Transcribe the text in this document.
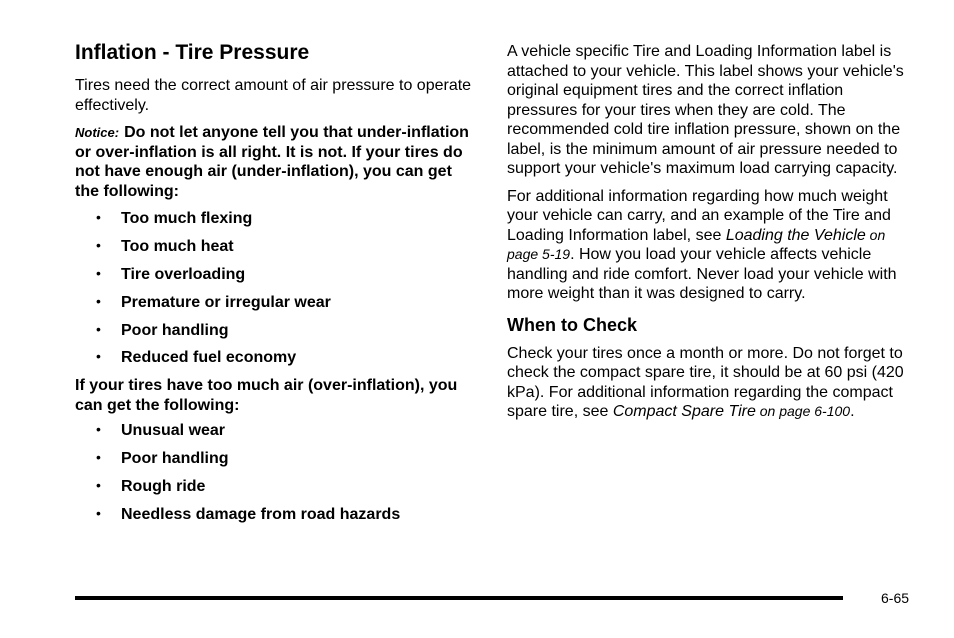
Inflation - Tire Pressure

Tires need the correct amount of air pressure to operate effectively.

Notice: Do not let anyone tell you that under-inflation or over-inflation is all right. It is not. If your tires do not have enough air (under-inflation), you can get the following:
• Too much flexing
• Too much heat
• Tire overloading
• Premature or irregular wear
• Poor handling
• Reduced fuel economy
If your tires have too much air (over-inflation), you can get the following:
• Unusual wear
• Poor handling
• Rough ride
• Needless damage from road hazards

A vehicle specific Tire and Loading Information label is attached to your vehicle. This label shows your vehicle's original equipment tires and the correct inflation pressures for your tires when they are cold. The recommended cold tire inflation pressure, shown on the label, is the minimum amount of air pressure needed to support your vehicle's maximum load carrying capacity.

For additional information regarding how much weight your vehicle can carry, and an example of the Tire and Loading Information label, see Loading the Vehicle on page 5-19. How you load your vehicle affects vehicle handling and ride comfort. Never load your vehicle with more weight than it was designed to carry.

When to Check

Check your tires once a month or more. Do not forget to check the compact spare tire, it should be at 60 psi (420 kPa). For additional information regarding the compact spare tire, see Compact Spare Tire on page 6-100.

6-65
